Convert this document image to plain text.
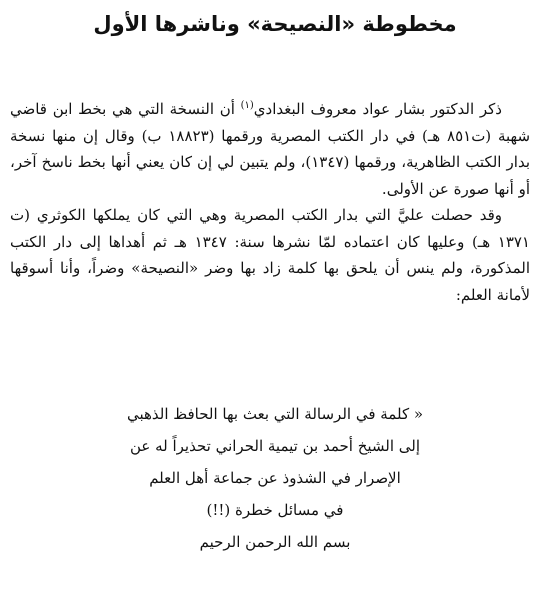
مخطوطة «النصيحة» وناشرها الأول

ذكر الدكتور بشار عواد معروف البغدادي$^{(١)}$ أن النسخة التي هي بخط ابن قاضي شهبة (ت٨٥١ هـ) في دار الكتب المصرية ورقمها (١٨٨٢٣ ب) وقال إن منها نسخة بدار الكتب الظاهرية، ورقمها (١٣٤٧)، ولم يتبين لي إن كان يعني أنها بخط ناسخ آخر، أو أنها صورة عن الأولى.

وقد حصلت عليَّ التي بدار الكتب المصرية وهي التي كان يملكها الكوثري (ت ١٣٧١ هـ) وعليها كان اعتماده لمّا نشرها سنة: ١٣٤٧ هـ ثم أهداها إلى دار الكتب المذكورة، ولم ينس أن يلحق بها كلمة زاد بها وضر «النصيحة» وضراً، وأنا أسوقها لأمانة العلم:

« كلمة في الرسالة التي بعث بها الحافظ الذهبي
إلى الشيخ أحمد بن تيمية الحراني تحذيراً له عن
الإصرار في الشذوذ عن جماعة أهل العلم
في مسائل خطرة (!!)
بسم الله الرحمن الرحيم
